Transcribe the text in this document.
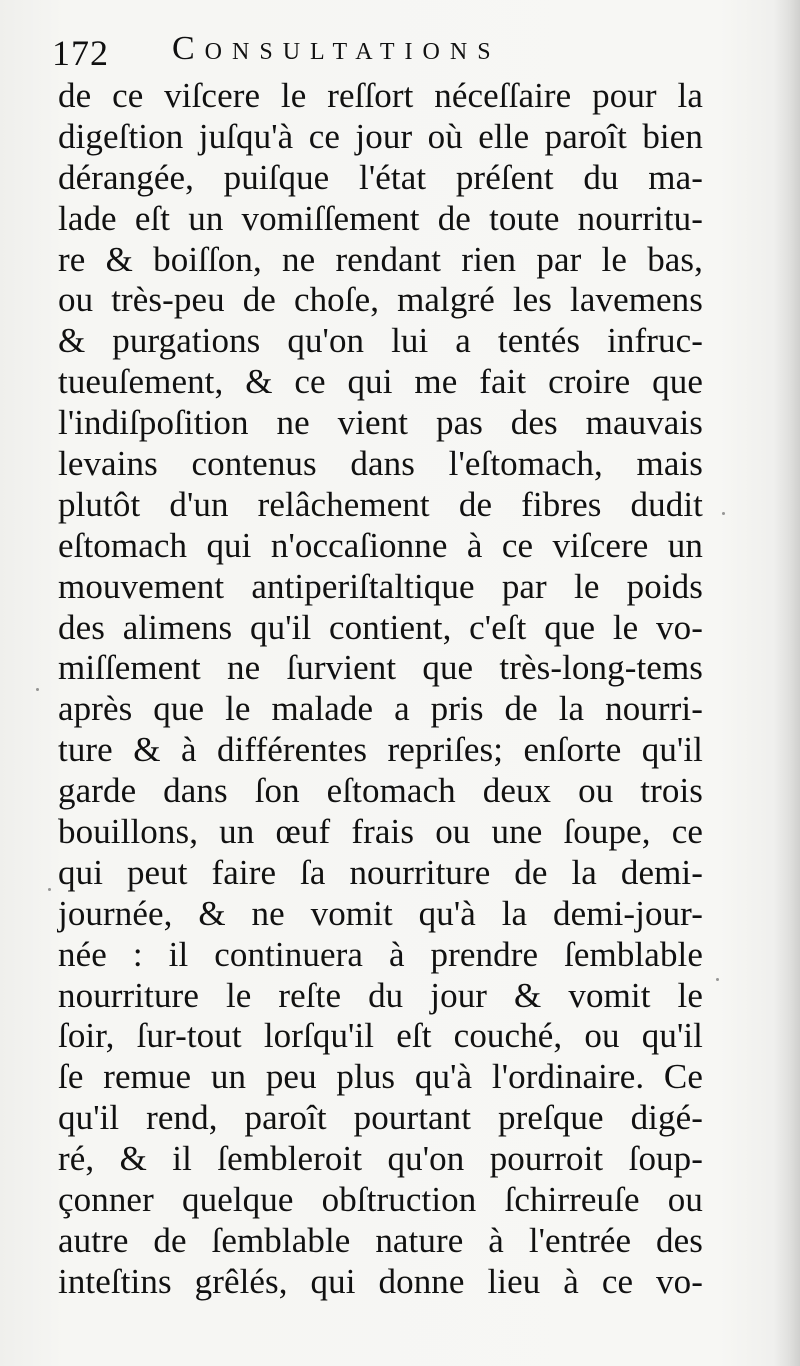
172 Consultations
de ce viſcere le reſſort néceſſaire pour la
digeſtion juſqu'à ce jour où elle paroît bien
dérangée, puiſque l'état préſent du ma-
lade eſt un vomiſſement de toute nourritu-
re & boiſſon, ne rendant rien par le bas,
ou très-peu de choſe, malgré les lavemens
& purgations qu'on lui a tentés infruc-
tueuſement, & ce qui me fait croire que
l'indiſpoſition ne vient pas des mauvais
levains contenus dans l'eſtomach, mais
plutôt d'un relâchement de fibres dudit
eſtomach qui n'occaſionne à ce viſcere un
mouvement antiperiſtaltique par le poids
des alimens qu'il contient, c'eſt que le vo-
miſſement ne ſurvient que très-long-tems
après que le malade a pris de la nourri-
ture & à différentes repriſes; enſorte qu'il
garde dans ſon eſtomach deux ou trois
bouillons, un œuf frais ou une ſoupe, ce
qui peut faire ſa nourriture de la demi-
journée, & ne vomit qu'à la demi-jour-
née : il continuera à prendre ſemblable
nourriture le reſte du jour & vomit le
ſoir, ſur-tout lorſqu'il eſt couché, ou qu'il
ſe remue un peu plus qu'à l'ordinaire. Ce
qu'il rend, paroît pourtant preſque digé-
ré, & il ſembleroit qu'on pourroit ſoup-
çonner quelque obſtruction ſchirreuſe ou
autre de ſemblable nature à l'entrée des
inteſtins grêlés, qui donne lieu à ce vo-
